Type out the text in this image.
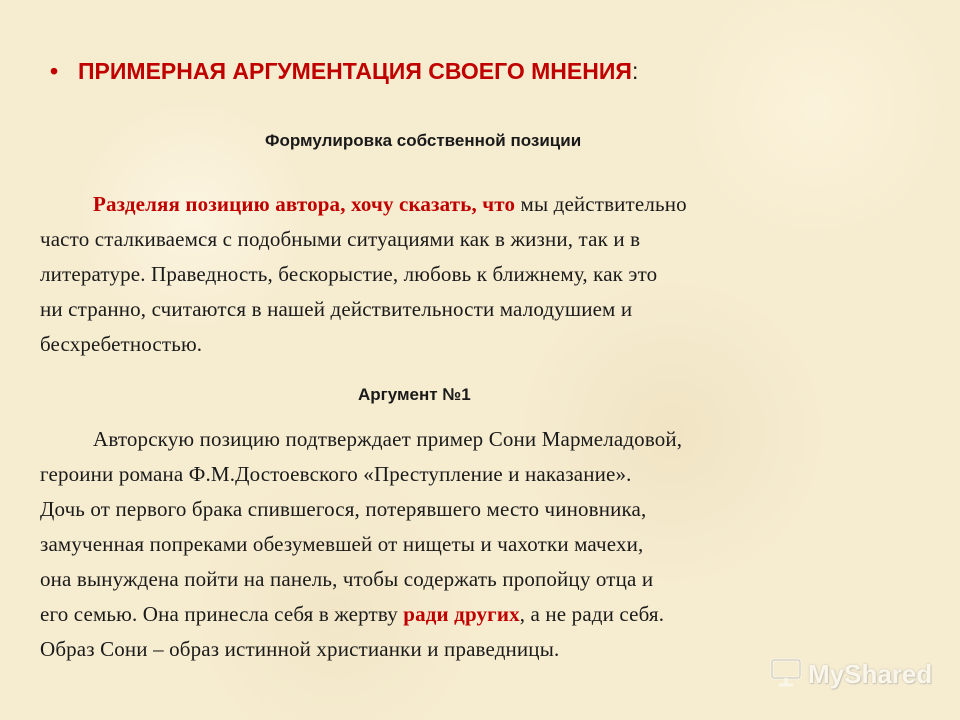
• ПРИМЕРНАЯ АРГУМЕНТАЦИЯ СВОЕГО МНЕНИЯ:
Формулировка собственной позиции
Разделяя позицию автора, хочу сказать, что мы действительно
часто сталкиваемся с подобными ситуациями как в жизни, так и в
литературе. Праведность, бескорыстие, любовь к ближнему, как это
ни странно, считаются в нашей действительности малодушием и
бесхребетностью.
Аргумент №1
Авторскую позицию подтверждает пример Сони Мармеладовой,
героини романа Ф.М.Достоевского «Преступление и наказание».
Дочь от первого брака спившегося, потерявшего место чиновника,
замученная попреками обезумевшей от нищеты и чахотки мачехи,
она вынуждена пойти на панель, чтобы содержать пропойцу отца и
его семью. Она принесла себя в жертву ради других, а не ради себя.
Образ Сони – образ истинной христианки и праведницы.
MyShared
